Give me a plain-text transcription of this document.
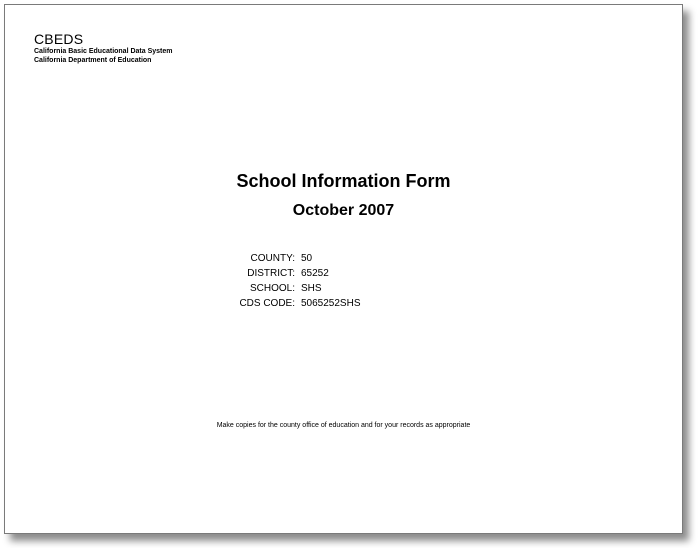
CBEDS
California Basic Educational Data System
California Department of Education
School Information Form
October 2007
COUNTY: 50
DISTRICT: 65252
SCHOOL: SHS
CDS CODE: 5065252SHS
Make copies for the county office of education and for your records as appropriate
